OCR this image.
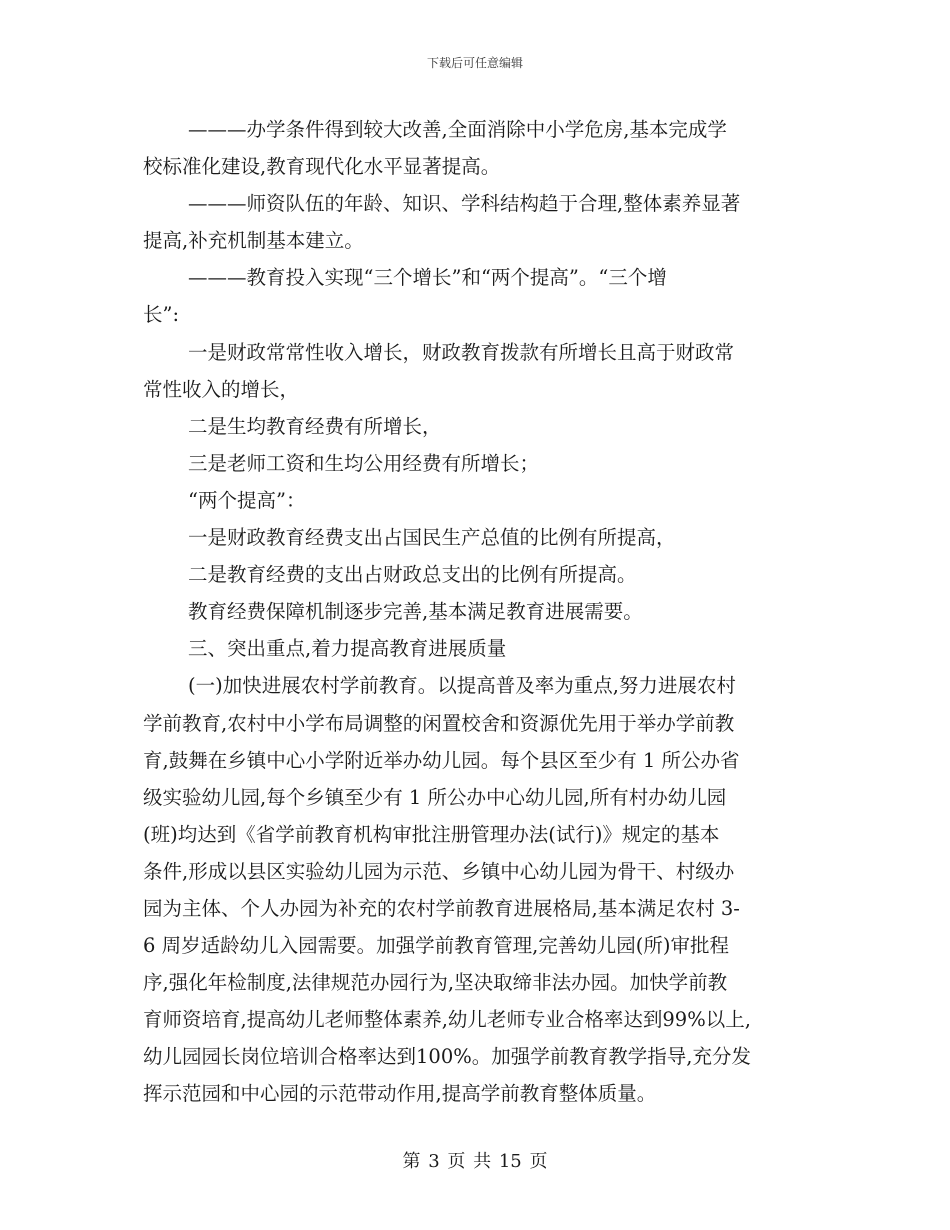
下载后可任意编辑
———办学条件得到较大改善,全面消除中小学危房,基本完成学
校标准化建设,教育现代化水平显著提高。
———师资队伍的年龄、知识、学科结构趋于合理,整体素养显著
提高,补充机制基本建立。
———教育投入实现“三个增长”和“两个提高”。“三个增
长”:
一是财政常常性收入增长，财政教育拨款有所增长且高于财政常
常性收入的增长，
二是生均教育经费有所增长，
三是老师工资和生均公用经费有所增长；
“两个提高”：
一是财政教育经费支出占国民生产总值的比例有所提高，
二是教育经费的支出占财政总支出的比例有所提高。
教育经费保障机制逐步完善,基本满足教育进展需要。
三、突出重点,着力提高教育进展质量
(一)加快进展农村学前教育。以提高普及率为重点,努力进展农村
学前教育,农村中小学布局调整的闲置校舍和资源优先用于举办学前教
育,鼓舞在乡镇中心小学附近举办幼儿园。每个县区至少有 1 所公办省
级实验幼儿园,每个乡镇至少有 1 所公办中心幼儿园,所有村办幼儿园
(班)均达到《省学前教育机构审批注册管理办法(试行)》规定的基本
条件,形成以县区实验幼儿园为示范、乡镇中心幼儿园为骨干、村级办
园为主体、个人办园为补充的农村学前教育进展格局,基本满足农村 3-
6 周岁适龄幼儿入园需要。加强学前教育管理,完善幼儿园(所)审批程
序,强化年检制度,法律规范办园行为,坚决取缔非法办园。加快学前教
育师资培育,提高幼儿老师整体素养,幼儿老师专业合格率达到99%以上,
幼儿园园长岗位培训合格率达到100%。加强学前教育教学指导,充分发
挥示范园和中心园的示范带动作用,提高学前教育整体质量。
第 3 页 共 15 页
